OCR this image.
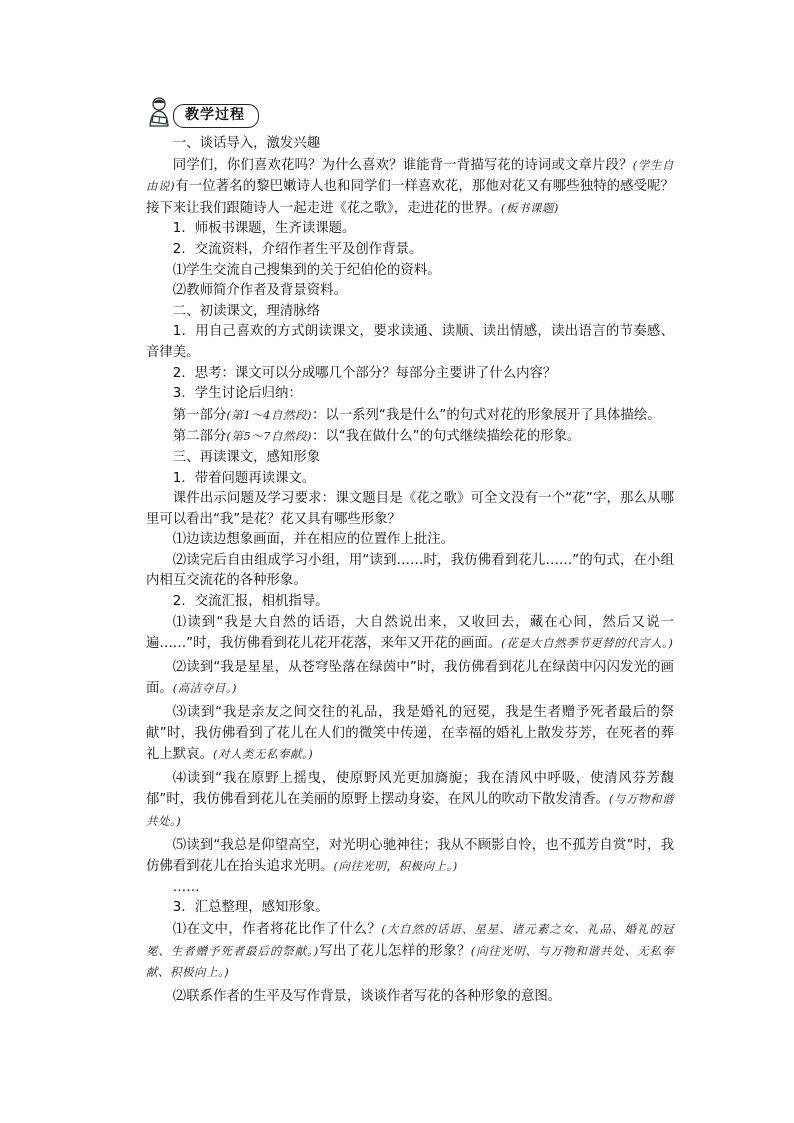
教学过程

一、谈话导入，激发兴趣

同学们，你们喜欢花吗？为什么喜欢？谁能背一背描写花的诗词或文章片段？(学生自由说)有一位著名的黎巴嫩诗人也和同学们一样喜欢花，那他对花又有哪些独特的感受呢？接下来让我们跟随诗人一起走进《花之歌》，走进花的世界。(板书课题)

1．师板书课题，生齐读课题。

2．交流资料，介绍作者生平及创作背景。

⑴学生交流自己搜集到的关于纪伯伦的资料。

⑵教师简介作者及背景资料。

二、初读课文，理清脉络

1．用自己喜欢的方式朗读课文，要求读通、读顺、读出情感，读出语言的节奏感、音律美。

2．思考：课文可以分成哪几个部分？每部分主要讲了什么内容？

3．学生讨论后归纳：

第一部分(第1～4自然段)：以一系列“我是什么”的句式对花的形象展开了具体描绘。

第二部分(第5～7自然段)：以“我在做什么”的句式继续描绘花的形象。

三、再读课文，感知形象

1．带着问题再读课文。

课件出示问题及学习要求：课文题目是《花之歌》可全文没有一个“花”字，那么从哪里可以看出“我”是花？花又具有哪些形象？

⑴边读边想象画面，并在相应的位置作上批注。

⑵读完后自由组成学习小组，用“读到……时，我仿佛看到花儿……”的句式，在小组内相互交流花的各种形象。

2．交流汇报，相机指导。

⑴读到“我是大自然的话语，大自然说出来，又收回去，藏在心间，然后又说一遍……”时，我仿佛看到花儿花开花落，来年又开花的画面。(花是大自然季节更替的代言人。)

⑵读到“我是星星，从苍穹坠落在绿茵中”时，我仿佛看到花儿在绿茵中闪闪发光的画面。(高洁夺目。)

⑶读到“我是亲友之间交往的礼品，我是婚礼的冠冕，我是生者赠予死者最后的祭献”时，我仿佛看到了花儿在人们的微笑中传递，在幸福的婚礼上散发芬芳，在死者的葬礼上默哀。(对人类无私奉献。)

⑷读到“我在原野上摇曳，使原野风光更加旖旎；我在清风中呼吸，使清风芬芳馥郁”时，我仿佛看到花儿在美丽的原野上摆动身姿，在风儿的吹动下散发清香。(与万物和谐共处。)

⑸读到“我总是仰望高空，对光明心驰神往；我从不顾影自怜，也不孤芳自赏”时，我仿佛看到花儿在抬头追求光明。(向往光明，积极向上。)

……

3．汇总整理，感知形象。

⑴在文中，作者将花比作了什么？(大自然的话语、星星、诸元素之女、礼品、婚礼的冠冕、生者赠予死者最后的祭献。)写出了花儿怎样的形象？(向往光明、与万物和谐共处、无私奉献、积极向上。)

⑵联系作者的生平及写作背景，谈谈作者写花的各种形象的意图。
